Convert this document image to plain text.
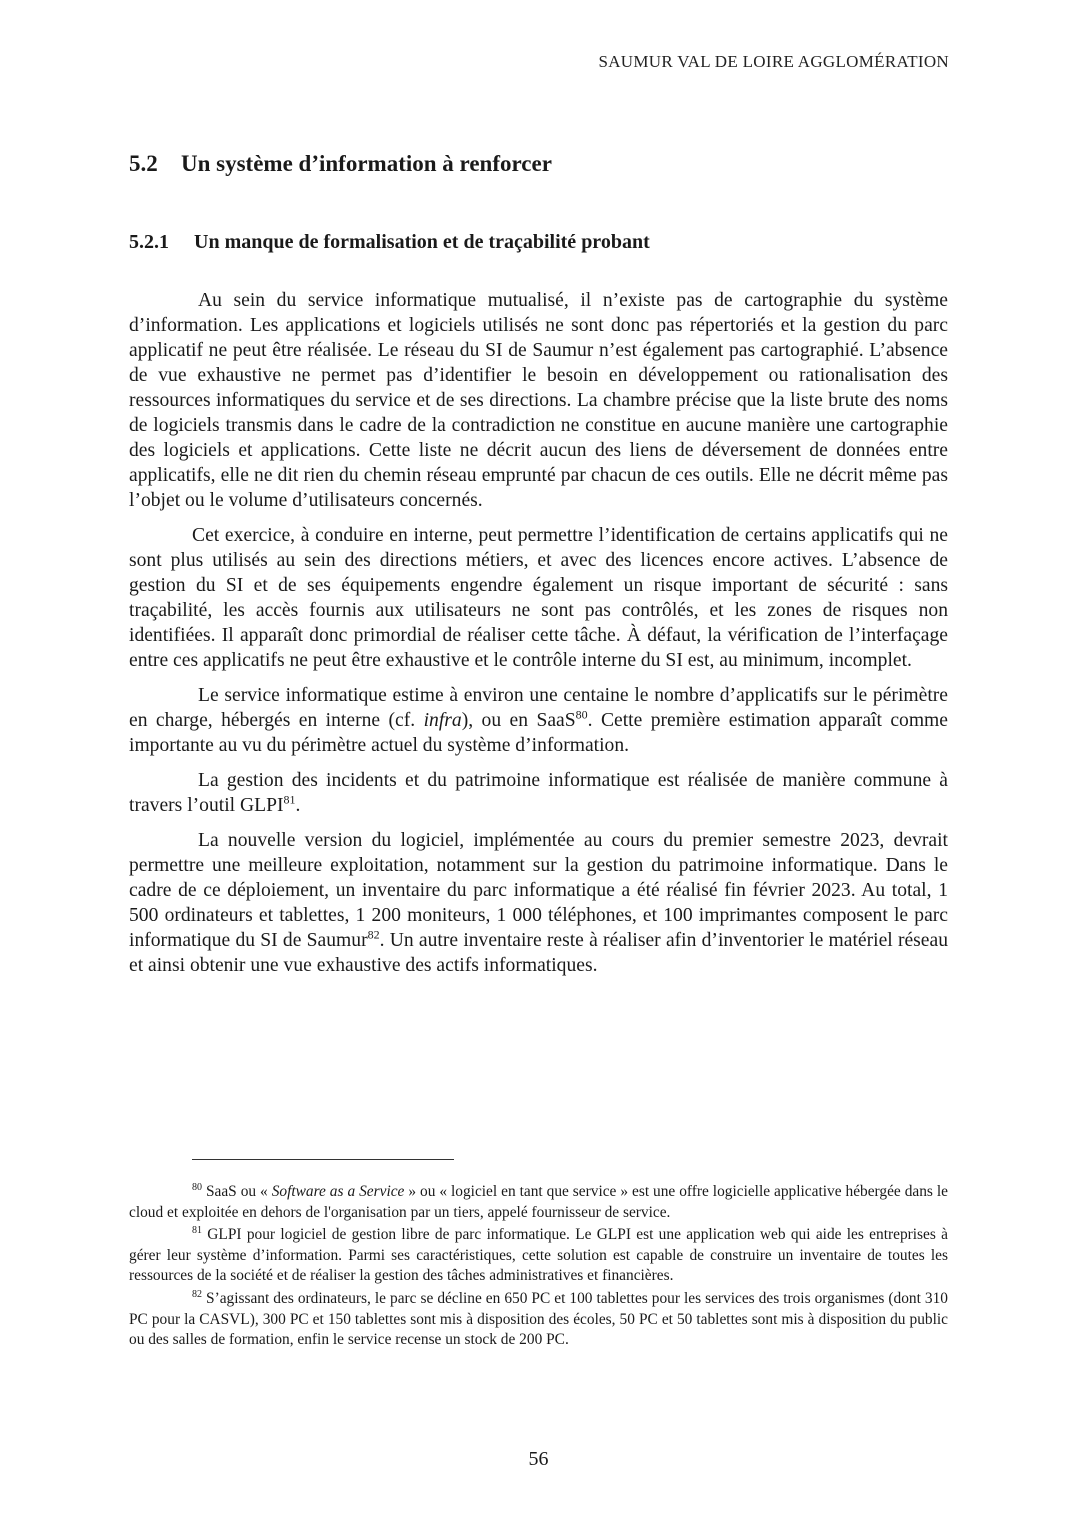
SAUMUR VAL DE LOIRE AGGLOMÉRATION
5.2 Un système d’information à renforcer
5.2.1 Un manque de formalisation et de traçabilité probant

Au sein du service informatique mutualisé, il n’existe pas de cartographie du système d’information. Les applications et logiciels utilisés ne sont donc pas répertoriés et la gestion du parc applicatif ne peut être réalisée. Le réseau du SI de Saumur n’est également pas cartographié. L’absence de vue exhaustive ne permet pas d’identifier le besoin en développement ou rationalisation des ressources informatiques du service et de ses directions. La chambre précise que la liste brute des noms de logiciels transmis dans le cadre de la contradiction ne constitue en aucune manière une cartographie des logiciels et applications. Cette liste ne décrit aucun des liens de déversement de données entre applicatifs, elle ne dit rien du chemin réseau emprunté par chacun de ces outils. Elle ne décrit même pas l’objet ou le volume d’utilisateurs concernés.

Cet exercice, à conduire en interne, peut permettre l’identification de certains applicatifs qui ne sont plus utilisés au sein des directions métiers, et avec des licences encore actives. L’absence de gestion du SI et de ses équipements engendre également un risque important de sécurité : sans traçabilité, les accès fournis aux utilisateurs ne sont pas contrôlés, et les zones de risques non identifiées. Il apparaît donc primordial de réaliser cette tâche. À défaut, la vérification de l’interfaçage entre ces applicatifs ne peut être exhaustive et le contrôle interne du SI est, au minimum, incomplet.

Le service informatique estime à environ une centaine le nombre d’applicatifs sur le périmètre en charge, hébergés en interne (cf. infra), ou en SaaS$^{80}$. Cette première estimation apparaît comme importante au vu du périmètre actuel du système d’information.

La gestion des incidents et du patrimoine informatique est réalisée de manière commune à travers l’outil GLPI$^{81}$.

La nouvelle version du logiciel, implémentée au cours du premier semestre 2023, devrait permettre une meilleure exploitation, notamment sur la gestion du patrimoine informatique. Dans le cadre de ce déploiement, un inventaire du parc informatique a été réalisé fin février 2023. Au total, 1 500 ordinateurs et tablettes, 1 200 moniteurs, 1 000 téléphones, et 100 imprimantes composent le parc informatique du SI de Saumur$^{82}$. Un autre inventaire reste à réaliser afin d’inventorier le matériel réseau et ainsi obtenir une vue exhaustive des actifs informatiques.

$^{80}$ SaaS ou « Software as a Service » ou « logiciel en tant que service » est une offre logicielle applicative hébergée dans le cloud et exploitée en dehors de l'organisation par un tiers, appelé fournisseur de service.

$^{81}$ GLPI pour logiciel de gestion libre de parc informatique. Le GLPI est une application web qui aide les entreprises à gérer leur système d’information. Parmi ses caractéristiques, cette solution est capable de construire un inventaire de toutes les ressources de la société et de réaliser la gestion des tâches administratives et financières.

$^{82}$ S’agissant des ordinateurs, le parc se décline en 650 PC et 100 tablettes pour les services des trois organismes (dont 310 PC pour la CASVL), 300 PC et 150 tablettes sont mis à disposition des écoles, 50 PC et 50 tablettes sont mis à disposition du public ou des salles de formation, enfin le service recense un stock de 200 PC.

56
